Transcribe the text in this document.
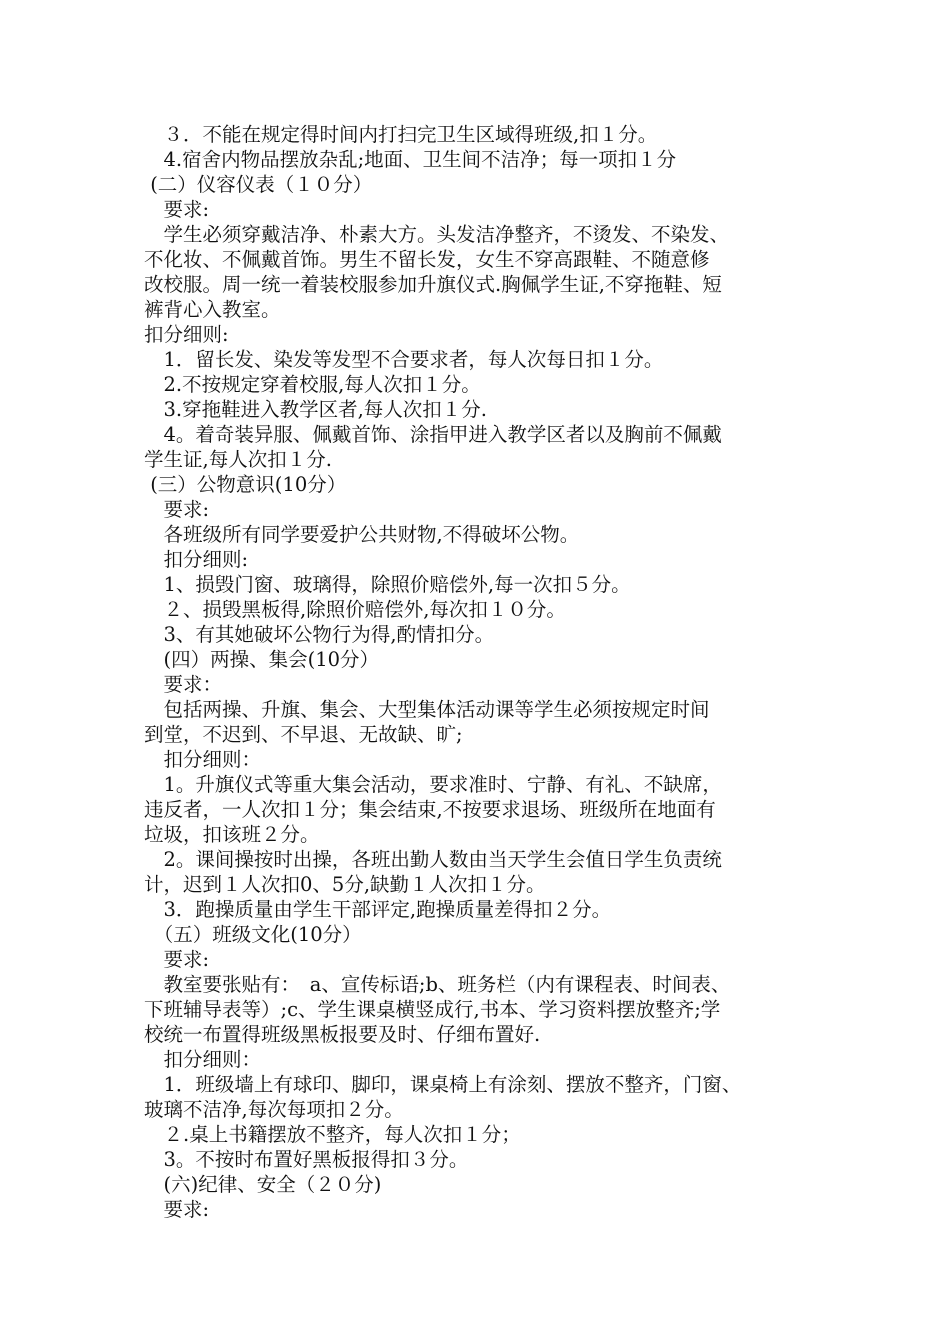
　３．不能在规定得时间内打扫完卫生区域得班级,扣１分。
　4.宿舍内物品摆放杂乱;地面、卫生间不洁净；每一项扣１分
(二）仪容仪表（１０分）
　要求:
　学生必须穿戴洁净、朴素大方。头发洁净整齐，不烫发、不染发、
不化妆、不佩戴首饰。男生不留长发，女生不穿高跟鞋、不随意修
改校服。周一统一着装校服参加升旗仪式.胸佩学生证,不穿拖鞋、短
裤背心入教室。
扣分细则:
　1．留长发、染发等发型不合要求者，每人次每日扣１分。
　2.不按规定穿着校服,每人次扣１分。
　3.穿拖鞋进入教学区者,每人次扣１分.
　4。着奇装异服、佩戴首饰、涂指甲进入教学区者以及胸前不佩戴
学生证,每人次扣１分.
(三）公物意识(10分）
　要求:
　各班级所有同学要爱护公共财物,不得破坏公物。
　扣分细则:
　1、损毁门窗、玻璃得，除照价赔偿外,每一次扣５分。
　２、损毁黑板得,除照价赔偿外,每次扣１０分。
　3、有其她破坏公物行为得,酌情扣分。
　(四）两操、集会(10分）
　要求：
　包括两操、升旗、集会、大型集体活动课等学生必须按规定时间
到堂，不迟到、不早退、无故缺、旷;
　扣分细则：
　1。升旗仪式等重大集会活动，要求准时、宁静、有礼、不缺席，
违反者，一人次扣１分；集会结束,不按要求退场、班级所在地面有
垃圾，扣该班２分。
　2。课间操按时出操，各班出勤人数由当天学生会值日学生负责统
计，迟到１人次扣0、5分,缺勤１人次扣１分。
　3．跑操质量由学生干部评定,跑操质量差得扣２分。
　（五）班级文化(10分）
　要求:
　教室要张贴有：　a、宣传标语;b、班务栏（内有课程表、时间表、
下班辅导表等）;c、学生课桌横竖成行,书本、学习资料摆放整齐;学
校统一布置得班级黑板报要及时、仔细布置好.
　扣分细则：
　1．班级墙上有球印、脚印，课桌椅上有涂刻、摆放不整齐，门窗、
玻璃不洁净,每次每项扣２分。
　２.桌上书籍摆放不整齐，每人次扣１分；
　3。不按时布置好黑板报得扣３分。
　(六)纪律、安全（２０分)
　要求:
